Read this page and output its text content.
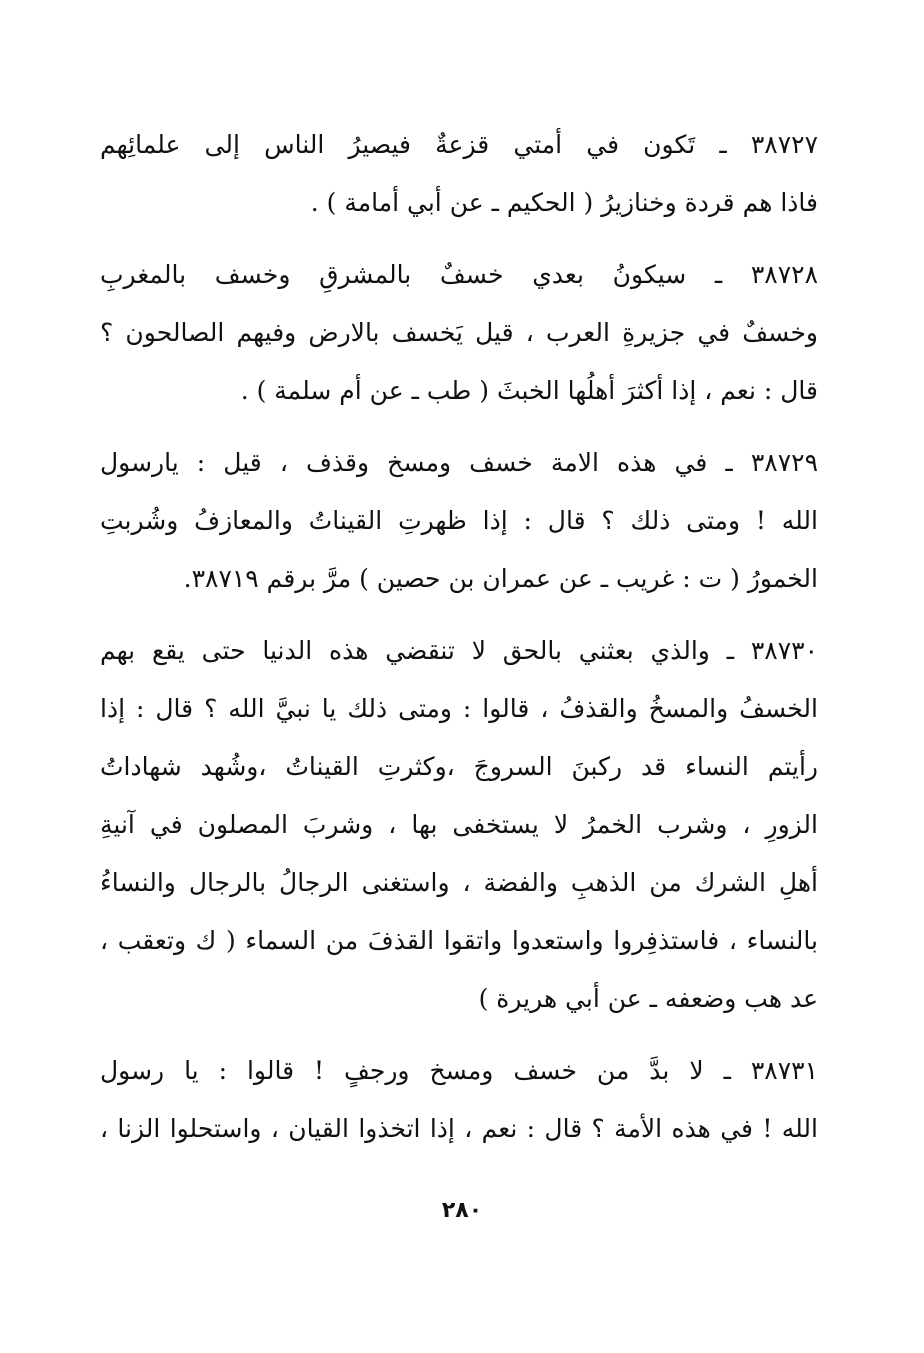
٣٨٧٢٧ ـ تَكون في أمتي قزعةٌ فيصيرُ الناس إلى علمائِهم
فاذا هم قردة وخنازيرُ ( الحكيم ـ عن أبي أمامة ) .
٣٨٧٢٨ ـ سيكونُ بعدي خسفٌ بالمشرقِ وخسف بالمغربِ
وخسفٌ في جزيرةِ العرب ، قيل يَخسف بالارض وفيهم الصالحون ؟
قال : نعم ، إذا أكثرَ أهلُها الخبثَ ( طب ـ عن أم سلمة ) .
٣٨٧٢٩ ـ في هذه الامة خسف ومسخ وقذف ، قيل : يارسول
الله ! ومتى ذلك ؟ قال : إذا ظهرتِ القيناتُ والمعازفُ وشُربتِ
الخمورُ ( ت : غريب ـ عن عمران بن حصين ) مرَّ برقم ٣٨٧١٩.
٣٨٧٣٠ ـ والذي بعثني بالحق لا تنقضي هذه الدنيا حتى يقع بهم
الخسفُ والمسخُ والقذفُ ، قالوا : ومتى ذلك يا نبيَّ الله ؟ قال : إذا
رأيتم النساء قد ركبنَ السروجَ ،وكثرتِ القيناتُ ،وشُهد شهاداتُ
الزورِ ، وشرب الخمرُ لا يستخفى بها ، وشربَ المصلون في آنيةِ
أهلِ الشرك من الذهبِ والفضة ، واستغنى الرجالُ بالرجال والنساءُ
بالنساء ، فاستذفِروا واستعدوا واتقوا القذفَ من السماء ( ك وتعقب ،
عد هب وضعفه ـ عن أبي هريرة )
٣٨٧٣١ ـ لا بدَّ من خسف ومسخ ورجفٍ ! قالوا : يا رسول
الله ! في هذه الأمة ؟ قال : نعم ، إذا اتخذوا القيان ، واستحلوا الزنا ،
٢٨٠
